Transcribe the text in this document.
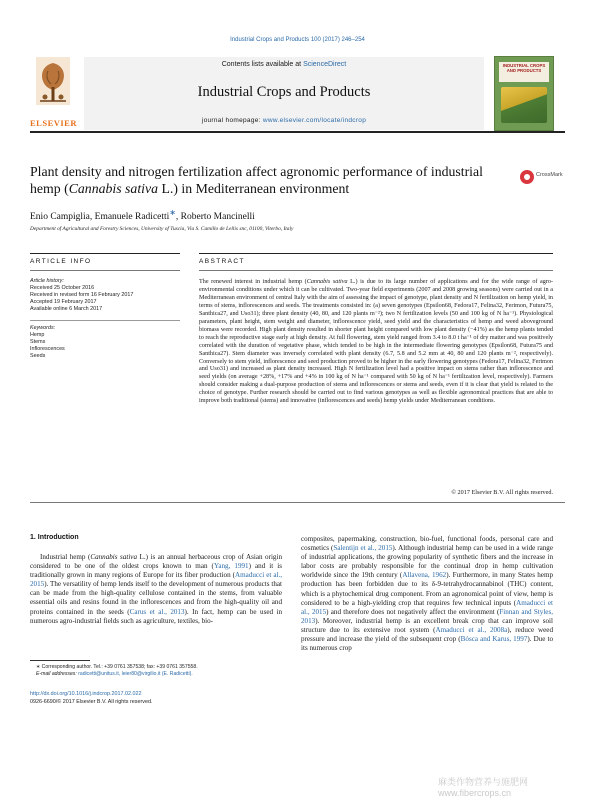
Industrial Crops and Products 100 (2017) 246–254
ELSEVIER
Contents lists available at ScienceDirect
Industrial Crops and Products
journal homepage: www.elsevier.com/locate/indcrop
INDUSTRIAL CROPS AND PRODUCTS
Plant density and nitrogen fertilization affect agronomic performance of industrial hemp (Cannabis sativa L.) in Mediterranean environment
CrossMark
Enio Campiglia, Emanuele Radicetti∗, Roberto Mancinelli
Department of Agricultural and Forestry Sciences, University of Tuscia, Via S. Camillo de Lellis snc, 01100, Viterbo, Italy
ARTICLE INFO	ABSTRACT
Article history:
Received 25 October 2016
Received in revised form 16 February 2017
Accepted 19 February 2017
Available online 6 March 2017
Keywords:
Hemp
Stems
Inflorescences
Seeds
The renewed interest in industrial hemp (Cannabis sativa L.) is due to its large number of applications and for the wide range of agro-environmental conditions under which it can be cultivated. Two-year field experiments (2007 and 2008 growing seasons) were carried out in a Mediterranean environment of central Italy with the aim of assessing the impact of genotype, plant density and N fertilization on hemp yield, in terms of stems, inflorescences and seeds. The treatments consisted in: (a) seven genotypes (Epsilon68, Fedora17, Felina32, Ferimon, Futura75, Santhica27, and Uso31); three plant density (40, 80, and 120 plants m⁻²); two N fertilization levels (50 and 100 kg of N ha⁻¹). Physiological parameters, plant height, stem weight and diameter, inflorescence yield, seed yield and the characteristics of hemp and weed aboveground biomass were recorded. High plant density resulted in shorter plant height compared with low plant density (−41%) as the hemp plants tended to reach the reproductive stage early at high density. At full flowering, stem yield ranged from 3.4 to 8.0 t ha⁻¹ of dry matter and was positively correlated with the duration of vegetative phase, which tended to be high in the intermediate flowering genotypes (Epsilon68, Futura75 and Santhica27). Stem diameter was inversely correlated with plant density (6.7, 5.8 and 5.2 mm at 40, 80 and 120 plants m⁻², respectively). Conversely to stem yield, inflorescence and seed production proved to be higher in the early flowering genotypes (Fedora17, Felina32, Ferimon and Uso31) and increased as plant density increased. High N fertilization level had a positive impact on stems rather than inflorescence and seed yields (on average +28%, +17% and +4% in 100 kg of N ha⁻¹ compared with 50 kg of N ha⁻¹ fertilization level, respectively). Farmers should consider making a dual-purpose production of stems and inflorescences or stems and seeds, even if it is clear that yield is related to the choice of genotype. Further research should be carried out to find various genotypes as well as flexible agronomical practices that are able to improve both traditional (stems) and innovative (inflorescences and seeds) hemp yields under Mediterranean conditions.
© 2017 Elsevier B.V. All rights reserved.
1. Introduction

Industrial hemp (Cannabis sativa L.) is an annual herbaceous crop of Asian origin considered to be one of the oldest crops known to man (Yang, 1991) and it is traditionally grown in many regions of Europe for its fiber production (Amaducci et al., 2015). The versatility of hemp lends itself to the development of numerous products that can be made from the high-quality cellulose contained in the stems, from valuable essential oils and resins found in the inflorescences and from the high-quality oil and proteins contained in the seeds (Carus et al., 2013). In fact, hemp can be used in numerous agro-industrial fields such as agriculture, textiles, bio-

composites, papermaking, construction, bio-fuel, functional foods, personal care and cosmetics (Salentijn et al., 2015). Although industrial hemp can be used in a wide range of industrial applications, the growing popularity of synthetic fibers and the increase in labor costs are probably responsible for the continual drop in hemp cultivation worldwide since the 19th century (Allavena, 1962). Furthermore, in many States hemp production has been forbidden due to its δ-9-tetrahydrocannabinol (THC) content, which is a phytochemical drug component. From an agronomical point of view, hemp is considered to be a high-yielding crop that requires few technical inputs (Amaducci et al., 2015) and therefore does not negatively affect the environment (Finnan and Styles, 2013). Moreover, industrial hemp is an excellent break crop that can improve soil structure due to its extensive root system (Amaducci et al., 2008a), reduce weed pressure and increase the yield of the subsequent crop (Bósca and Karus, 1997). Due to its numerous crop

∗ Corresponding author. Tel.: +39 0761 357538; fax: +39 0761 357558.
E-mail addresses: radicetti@unitus.it, leier80@virgilio.it (E. Radicetti).
http://dx.doi.org/10.1016/j.indcrop.2017.02.022
0926-6690/© 2017 Elsevier B.V. All rights reserved.
麻类作物营养与施肥网 www.fibercrops.cn
